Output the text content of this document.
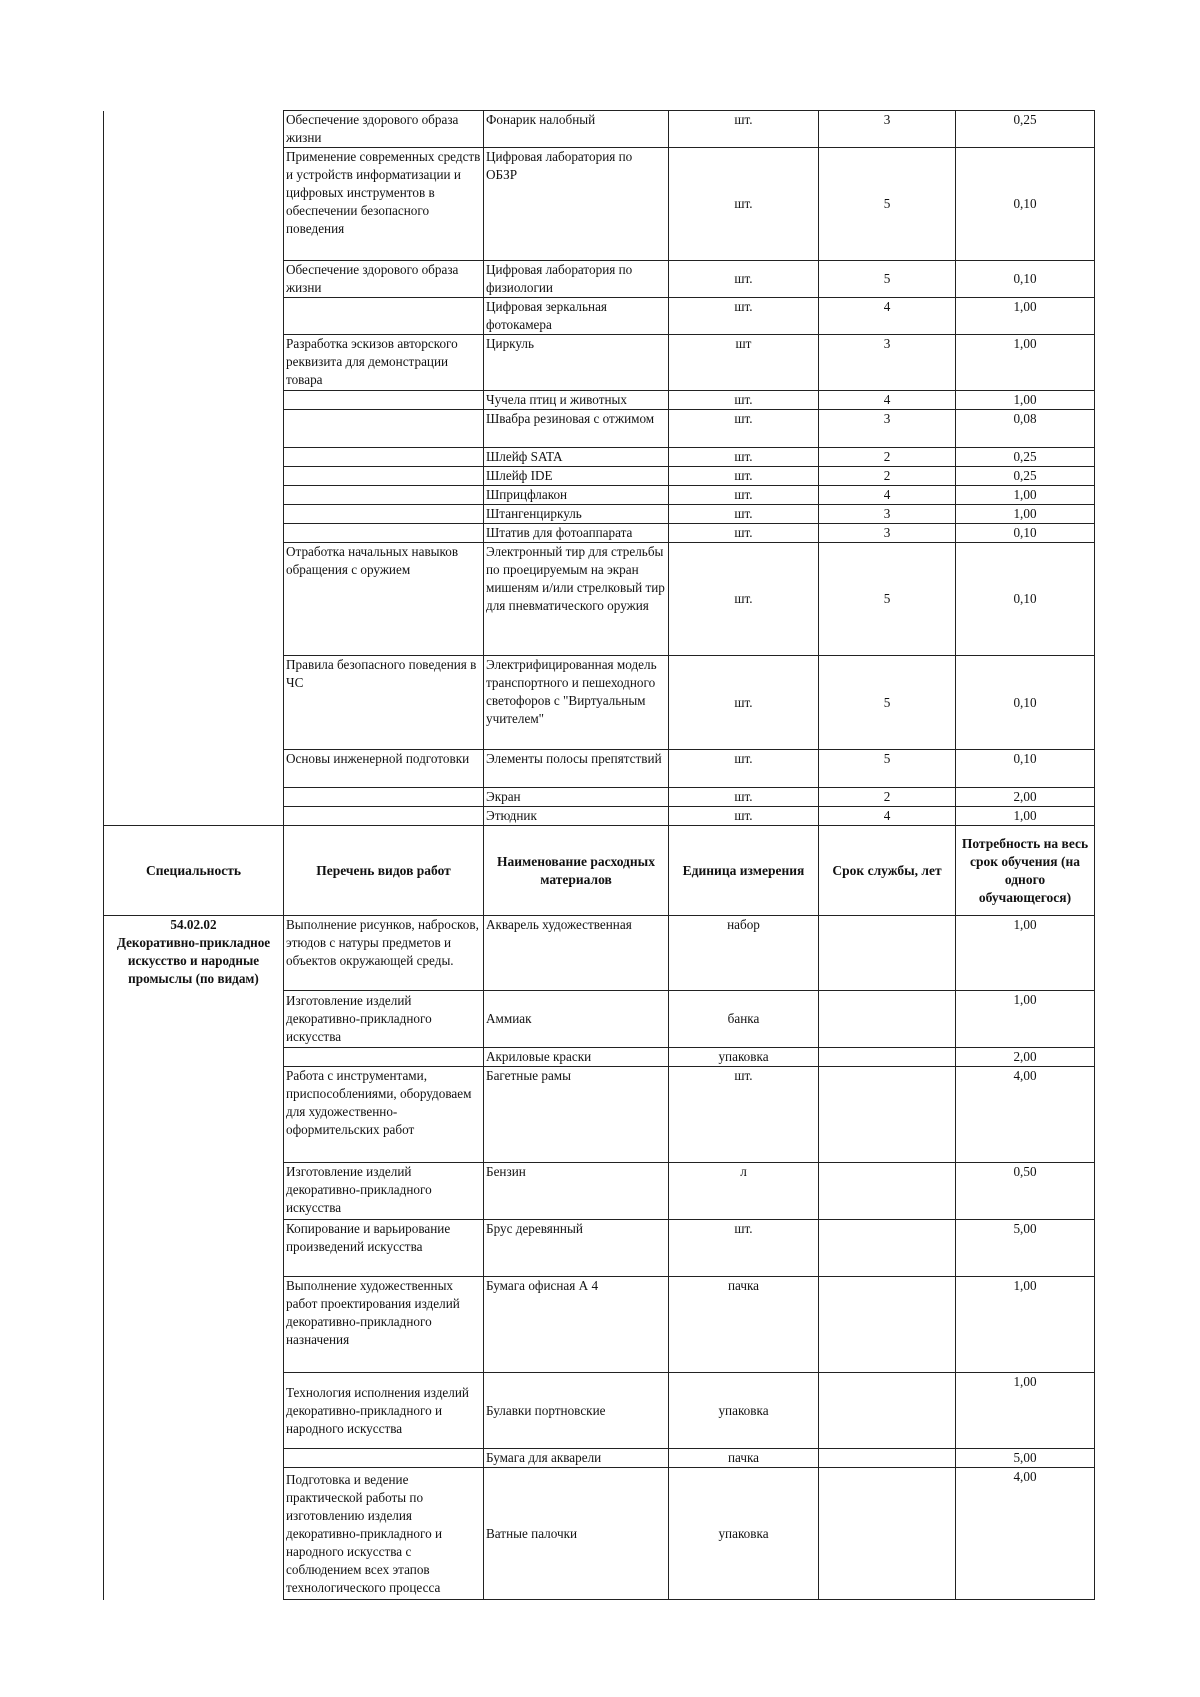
	Обеспечение здорового образа жизни	Фонарик налобный	шт.	3	0,25
	Применение современных средств и устройств информатизации и цифровых инструментов в обеспечении безопасного поведения	Цифровая лаборатория по ОБЗР	шт.	5	0,10
	Обеспечение здорового образа жизни	Цифровая лаборатория по физиологии	шт.	5	0,10
		Цифровая зеркальная фотокамера	шт.	4	1,00
	Разработка эскизов авторского реквизита для демонстрации товара	Циркуль	шт	3	1,00
		Чучела птиц и животных	шт.	4	1,00
		Швабра резиновая с отжимом	шт.	3	0,08
		Шлейф SATA	шт.	2	0,25
		Шлейф IDE	шт.	2	0,25
		Шприцфлакон	шт.	4	1,00
		Штангенциркуль	шт.	3	1,00
		Штатив для фотоаппарата	шт.	3	0,10
	Отработка начальных навыков обращения с оружием	Электронный тир для стрельбы по проецируемым на экран мишеням и/или стрелковый тир для пневматического оружия	шт.	5	0,10
	Правила безопасного поведения в ЧС	Электрифицированная модель транспортного и пешеходного светофоров с "Виртуальным учителем"	шт.	5	0,10
	Основы инженерной подготовки	Элементы полосы препятствий	шт.	5	0,10
		Экран	шт.	2	2,00
		Этюдник	шт.	4	1,00
Специальность	Перечень видов работ	Наименование расходных материалов	Единица измерения	Срок службы, лет	Потребность на весь срок обучения (на одного обучающегося)

54.02.02
Декоративно-прикладное искусство и народные промыслы (по видам)	Выполнение рисунков, набросков, этюдов с натуры предметов и объектов окружающей среды.	Акварель художественная	набор		1,00
	Изготовление изделий декоративно-прикладного искусства	Аммиак	банка		1,00
		Акриловые краски	упаковка		2,00
	Работа с инструментами, приспособлениями, оборудоваем для художественно-оформительских работ	Багетные рамы	шт.		4,00
	Изготовление изделий декоративно-прикладного искусства	Бензин	л		0,50
	Копирование и варьирование произведений искусства	Брус деревянный	шт.		5,00
	Выполнение художественных работ проектирования изделий декоративно-прикладного назначения	Бумага офисная А 4	пачка		1,00
	Технология исполнения изделий декоративно-прикладного и народного искусства	Булавки портновские	упаковка		1,00
		Бумага для акварели	пачка		5,00
	Подготовка и ведение практической работы по изготовлению изделия декоративно-прикладного и народного искусства с соблюдением всех этапов технологического процесса	Ватные палочки	упаковка		4,00
